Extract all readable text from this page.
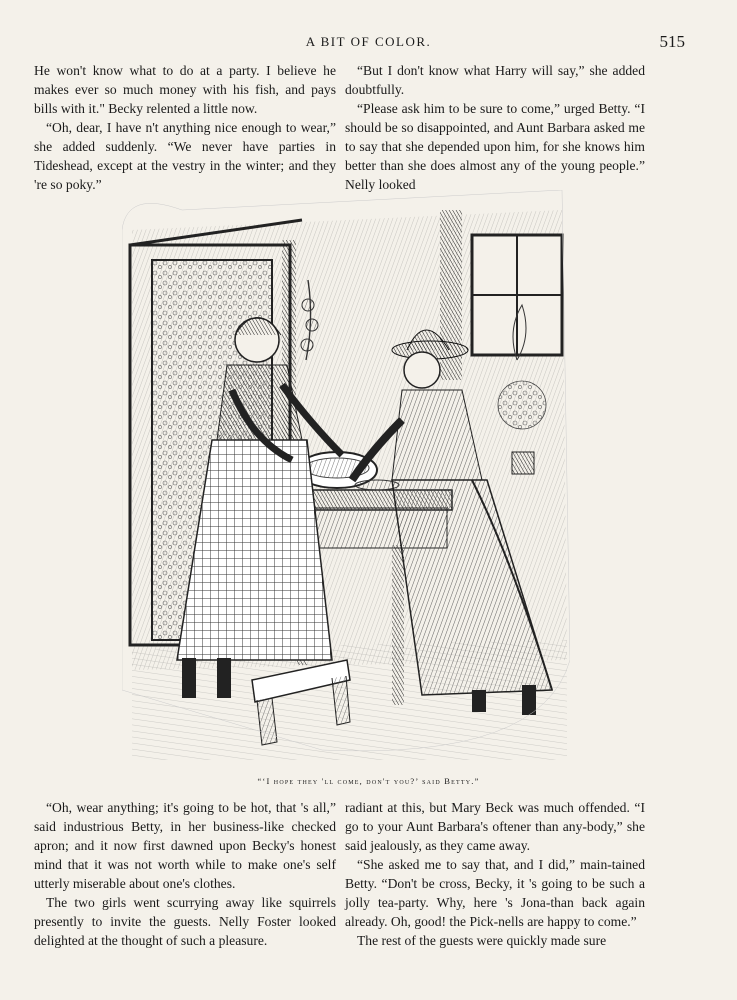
A BIT OF COLOR.	515

He won't know what to do at a party. I believe he makes ever so much money with his fish, and pays bills with it." Becky relented a little now.

“Oh, dear, I have n't anything nice enough to wear,” she added suddenly. “We never have parties in Tideshead, except at the vestry in the winter; and they 're so poky.”

“But I don't know what Harry will say,” she added doubtfully.

“Please ask him to be sure to come,” urged Betty. “I should be so disappointed, and Aunt Barbara asked me to say that she depended upon him, for she knows him better than she does almost any of the young people.” Nelly looked

“‘I hope they 'll come, don't you?’ said Betty.”

“Oh, wear anything; it's going to be hot, that 's all,” said industrious Betty, in her business-like checked apron; and it now first dawned upon Becky's honest mind that it was not worth while to make one's self utterly miserable about one's clothes.

The two girls went scurrying away like squirrels presently to invite the guests. Nelly Foster looked delighted at the thought of such a pleasure.

radiant at this, but Mary Beck was much offended. “I go to your Aunt Barbara's oftener than any-body,” she said jealously, as they came away.

“She asked me to say that, and I did,” main-tained Betty. “Don't be cross, Becky, it 's going to be such a jolly tea-party. Why, here 's Jona-than back again already. Oh, good! the Pick-nells are happy to come.”

The rest of the guests were quickly made sure
